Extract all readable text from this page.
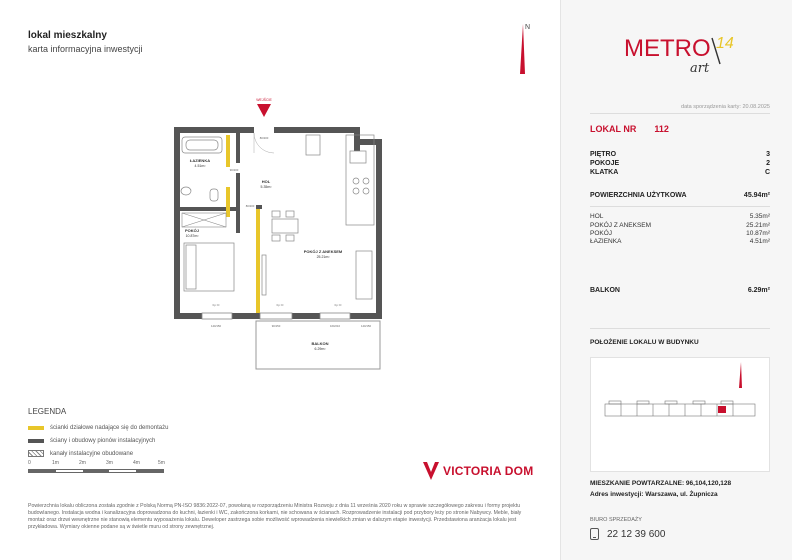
lokal mieszkalny
karta informacyjna inwestycji
N
WEJŚCIE
ŁAZIENKA
4.51m²
HOL
5.35m²
POKÓJ
10.87m²
POKÓJ Z ANEKSEM
25.21m²
BALKON
6.29m²
80/200
90/200
80/200
hp: D	hp: D	hp: D
140/150	90/150	160/210	140/150
LEGENDA
ścianki działowe nadające się do demontażu
ściany i obudowy pionów instalacyjnych
kanały instalacyjne obudowane
0	1m	2m	3m	4m	5m
VICTORIA DOM
Powierzchnia lokalu obliczona została zgodnie z Polską Normą PN-ISO 9836:2022-07, powołaną w rozporządzeniu Ministra Rozwoju z dnia 11 września 2020 roku w sprawie szczegółowego zakresu i formy projektu budowlanego. Instalacja wodna i kanalizacyjna doprowadzona do kuchni, łazienki i WC, zakończona korkami, nie schowana w ścianach. Rozprowadzenie instalacji pod przybory leży po stronie Nabywcy. Meble, biały montaż oraz drzwi wewnętrzne nie stanowią elementu wyposażenia lokalu. Deweloper zastrzega sobie możliwość wprowadzenia niewielkich zmian w dalszym etapie inwestycji. Przedstawiona aranżacja lokalu jest przykładowa. Wymiary okienne podane są w świetle muru od strony zewnętrznej.
METRO 14
art
data sporządzenia karty: 20.08.2025
LOKAL NR 112
PIĘTRO	3
POKOJE	2
KLATKA	C
POWIERZCHNIA UŻYTKOWA	45.94m²
HOL	5.35m²
POKÓJ Z ANEKSEM	25.21m²
POKÓJ	10.87m²
ŁAZIENKA	4.51m²
BALKON	6.29m²
POŁOŻENIE LOKALU W BUDYNKU
MIESZKANIE POWTARZALNE: 96,104,120,128
Adres inwestycji: Warszawa, ul. Żupnicza
BIURO SPRZEDAŻY
22 12 39 600
